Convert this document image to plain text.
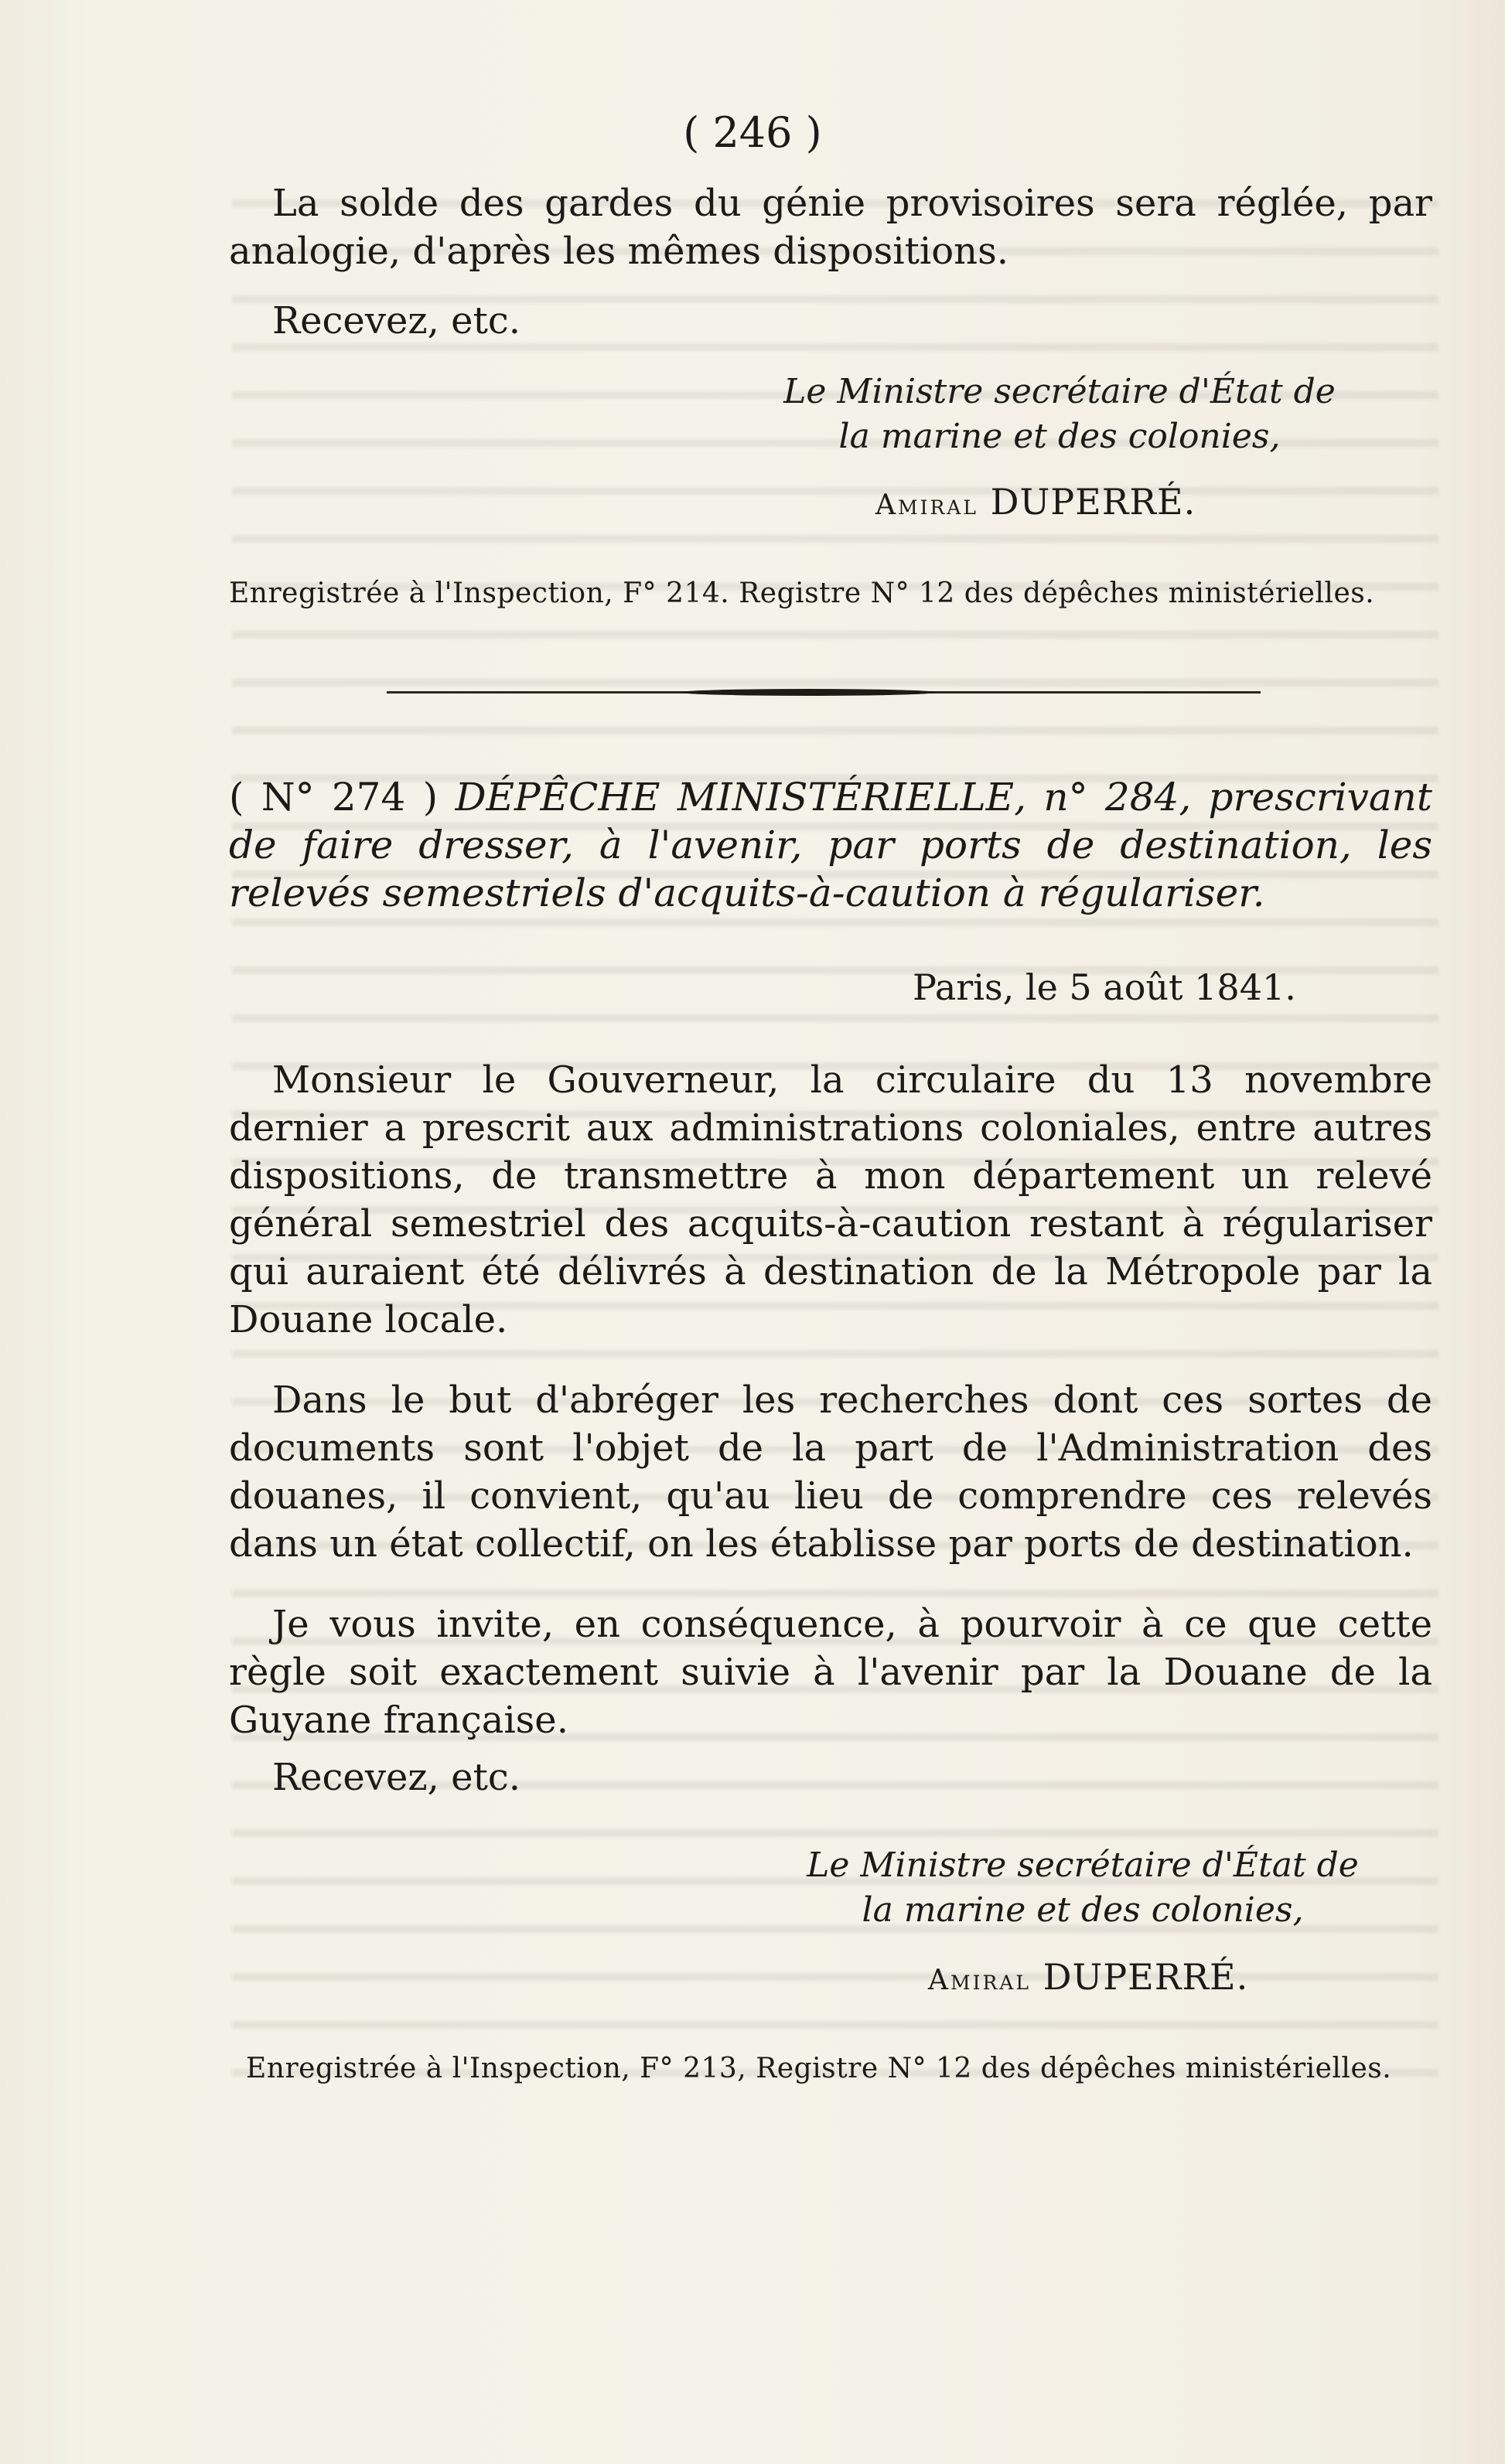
( 246 )

La solde des gardes du génie provisoires sera réglée, par analogie, d'après les mêmes dispositions.

Recevez, etc.
Le Ministre secrétaire d'État de
la marine et des colonies,
Amiral DUPERRÉ.
Enregistrée à l'Inspection, F° 214. Registre N° 12 des dépêches ministérielles.
( N° 274 ) DÉPÊCHE MINISTÉRIELLE, n° 284, prescrivant de faire dresser, à l'avenir, par ports de destination, les relevés semestriels d'acquits-à-caution à régulariser.
Paris, le 5 août 1841.

Monsieur le Gouverneur, la circulaire du 13 novembre dernier a prescrit aux administrations coloniales, entre autres dispositions, de transmettre à mon département un relevé général semestriel des acquits-à-caution restant à régulariser qui auraient été délivrés à destination de la Métropole par la Douane locale.

Dans le but d'abréger les recherches dont ces sortes de documents sont l'objet de la part de l'Administration des douanes, il convient, qu'au lieu de comprendre ces relevés dans un état collectif, on les établisse par ports de destination.

Je vous invite, en conséquence, à pourvoir à ce que cette règle soit exactement suivie à l'avenir par la Douane de la Guyane française.

Recevez, etc.
Le Ministre secrétaire d'État de
la marine et des colonies,
Amiral DUPERRÉ.
Enregistrée à l'Inspection, F° 213, Registre N° 12 des dépêches ministérielles.
